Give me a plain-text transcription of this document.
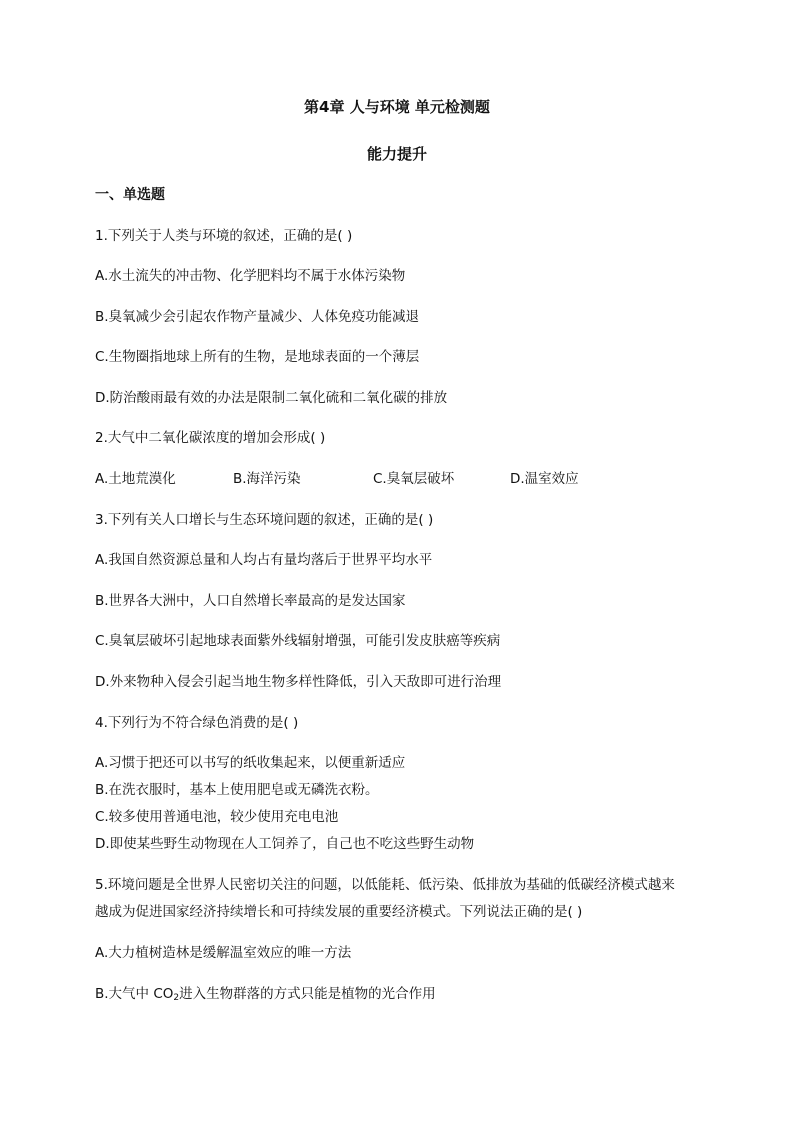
第4章 人与环境 单元检测题
能力提升
一、单选题
1.下列关于人类与环境的叙述，正确的是( )
A.水土流失的冲击物、化学肥料均不属于水体污染物
B.臭氧减少会引起农作物产量减少、人体免疫功能减退
C.生物圈指地球上所有的生物，是地球表面的一个薄层
D.防治酸雨最有效的办法是限制二氧化硫和二氧化碳的排放
2.大气中二氧化碳浓度的增加会形成( )
A.土地荒漠化	B.海洋污染	C.臭氧层破坏	D.温室效应
3.下列有关人口增长与生态环境问题的叙述，正确的是( )
A.我国自然资源总量和人均占有量均落后于世界平均水平
B.世界各大洲中，人口自然增长率最高的是发达国家
C.臭氧层破坏引起地球表面紫外线辐射增强，可能引发皮肤癌等疾病
D.外来物种入侵会引起当地生物多样性降低，引入天敌即可进行治理
4.下列行为不符合绿色消费的是( )
A.习惯于把还可以书写的纸收集起来，以便重新适应
B.在洗衣服时，基本上使用肥皂或无磷洗衣粉。
C.较多使用普通电池，较少使用充电电池
D.即使某些野生动物现在人工饲养了，自己也不吃这些野生动物
5.环境问题是全世界人民密切关注的问题，以低能耗、低污染、低排放为基础的低碳经济模式越来
越成为促进国家经济持续增长和可持续发展的重要经济模式。下列说法正确的是( )
A.大力植树造林是缓解温室效应的唯一方法
B.大气中 $CO_2$进入生物群落的方式只能是植物的光合作用
